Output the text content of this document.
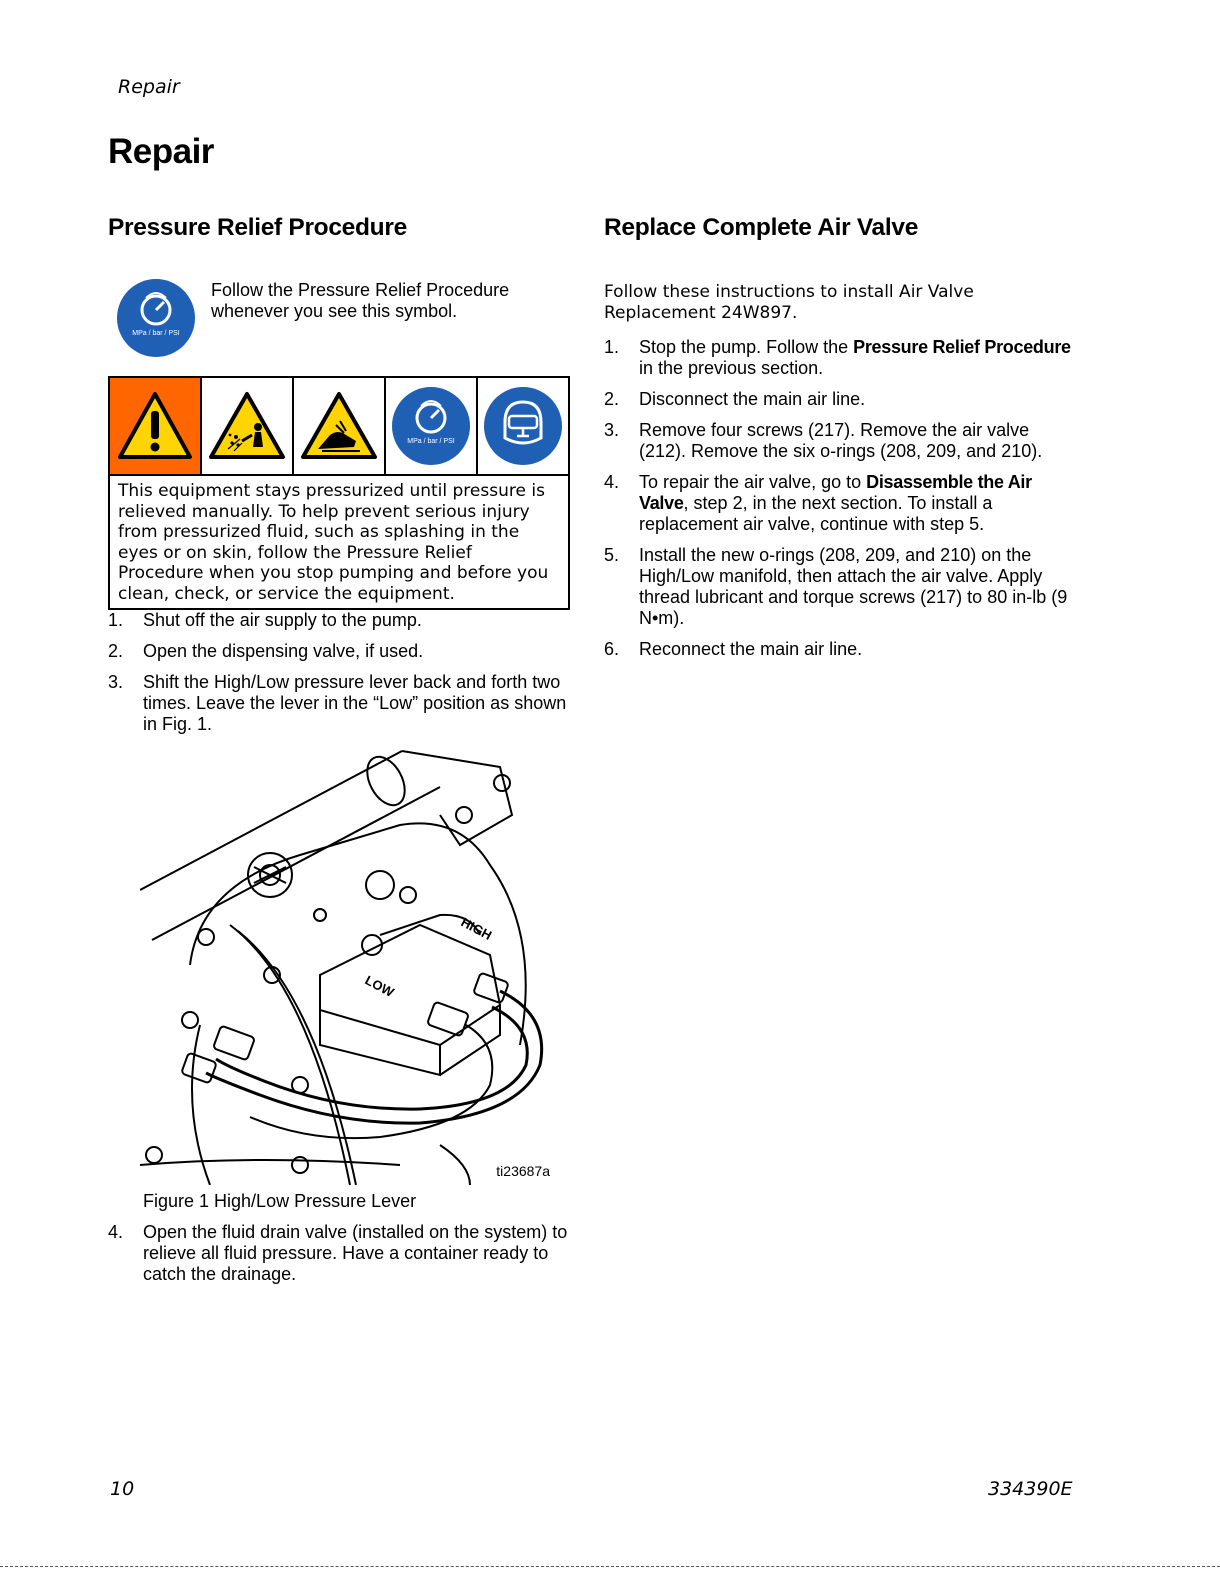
Repair
Repair
Pressure Relief Procedure
MPa / bar / PSI
Follow the Pressure Relief Procedure whenever you see this symbol.
MPa / bar / PSI
This equipment stays pressurized until pressure is relieved manually. To help prevent serious injury from pressurized fluid, such as splashing in the eyes or on skin, follow the Pressure Relief Procedure when you stop pumping and before you clean, check, or service the equipment.
1. Shut off the air supply to the pump.
2. Open the dispensing valve, if used.
3. Shift the High/Low pressure lever back and forth two times. Leave the lever in the “Low” position as shown in Fig. 1.
HIGH
LOW
ti23687a
Figure 1 High/Low Pressure Lever
4. Open the fluid drain valve (installed on the system) to relieve all fluid pressure. Have a container ready to catch the drainage.
Replace Complete Air Valve
Follow these instructions to install Air Valve Replacement 24W897.
1. Stop the pump. Follow the Pressure Relief Procedure in the previous section.
2. Disconnect the main air line.
3. Remove four screws (217). Remove the air valve (212). Remove the six o-rings (208, 209, and 210).
4. To repair the air valve, go to Disassemble the Air Valve, step 2, in the next section. To install a replacement air valve, continue with step 5.
5. Install the new o-rings (208, 209, and 210) on the High/Low manifold, then attach the air valve. Apply thread lubricant and torque screws (217) to 80 in-lb (9 N•m).
6. Reconnect the main air line.
10	334390E
